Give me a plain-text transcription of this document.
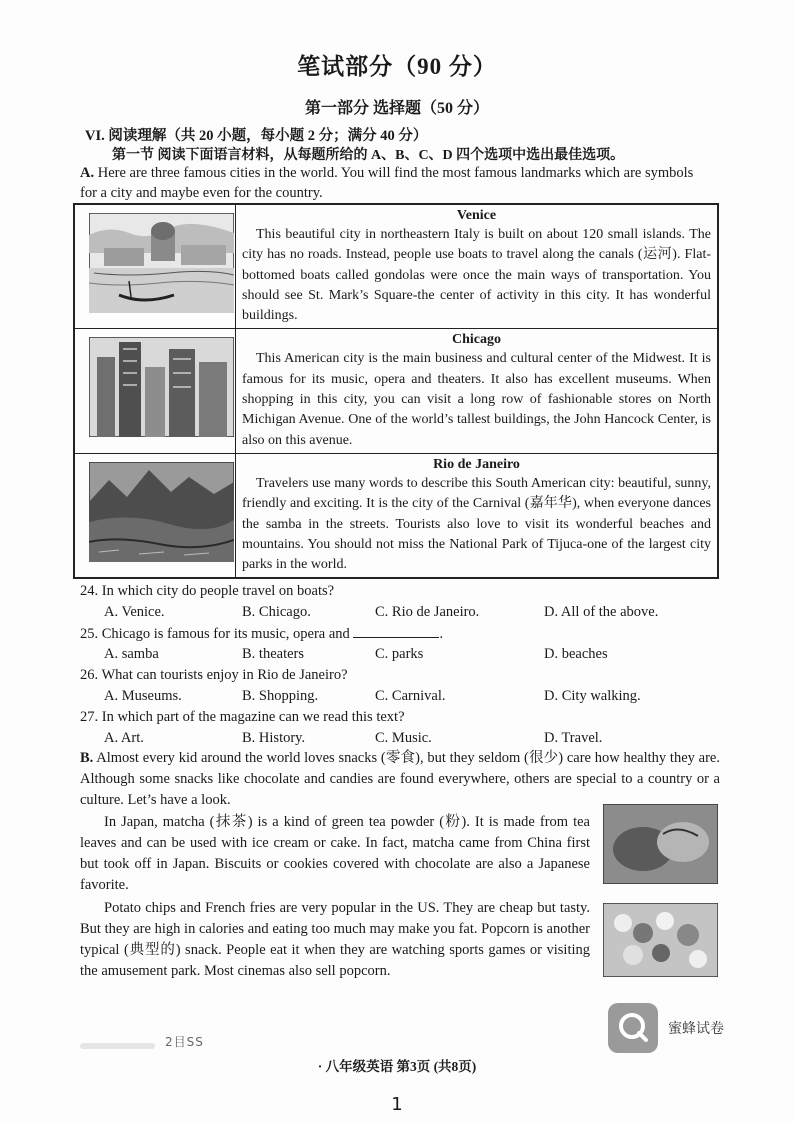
笔试部分（90 分）
第一部分 选择题（50 分）
VI. 阅读理解（共 20 小题，每小题 2 分；满分 40 分）
第一节 阅读下面语言材料，从每题所给的 A、B、C、D 四个选项中选出最佳选项。
A. Here are three famous cities in the world. You will find the most famous landmarks which are symbols for a city and maybe even for the country.

Venice
This beautiful city in northeastern Italy is built on about 120 small islands. The city has no roads. Instead, people use boats to travel along the canals (运河). Flat-bottomed boats called gondolas were once the main ways of transportation. You should see St. Mark’s Square-the center of activity in this city. It has wonderful buildings.

Chicago
This American city is the main business and cultural center of the Midwest. It is famous for its music, opera and theaters. It also has excellent museums. When shopping in this city, you can visit a long row of fashionable stores on North Michigan Avenue. One of the world’s tallest buildings, the John Hancock Center, is also on this avenue.

Rio de Janeiro
Travelers use many words to describe this South American city: beautiful, sunny, friendly and exciting. It is the city of the Carnival (嘉年华), when everyone dances the samba in the streets. Tourists also love to visit its wonderful beaches and mountains. You should not miss the National Park of Tijuca-one of the largest city parks in the world.
24. In which city do people travel on boats?
A. Venice.	B. Chicago.	C. Rio de Janeiro.	D. All of the above.
25. Chicago is famous for its music, opera and	.
A. samba	B. theaters	C. parks	D. beaches
26. What can tourists enjoy in Rio de Janeiro?
A. Museums.	B. Shopping.	C. Carnival.	D. City walking.
27. In which part of the magazine can we read this text?
A. Art.	B. History.	C. Music.	D. Travel.
B. Almost every kid around the world loves snacks (零食), but they seldom (很少) care how healthy they are. Although some snacks like chocolate and candies are found everywhere, others are special to a country or a culture. Let’s have a look.
In Japan, matcha (抹茶) is a kind of green tea powder (粉). It is made from tea leaves and can be used with ice cream or cake. In fact, matcha came from China first but took off in Japan. Biscuits or cookies covered with chocolate are also a Japanese favorite.
Potato chips and French fries are very popular in the US. They are cheap but tasty. But they are high in calories and eating too much may make you fat. Popcorn is another typical (典型的) snack. People eat it when they are watching sports games or visiting the amusement park. Most cinemas also sell popcorn.
蜜蜂试卷
2目SS
· 八年级英语 第3页 (共8页)
1
